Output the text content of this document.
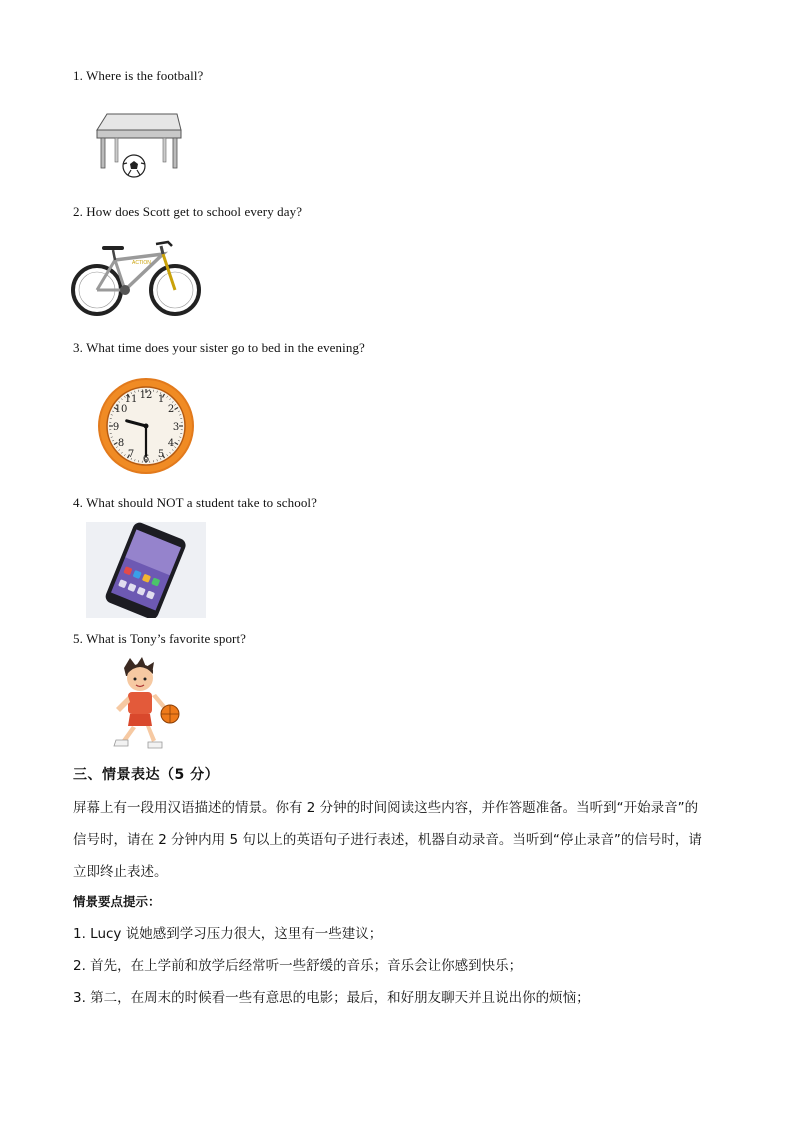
1. Where is the football?
2. How does Scott get to school every day?
ACTION
3. What time does your sister go to bed in the evening?
12 1
2
3
4
5
6
7
8
9
10
11
4. What should NOT a student take to school?
5. What is Tony’s favorite sport?
三、情景表达（5 分）
屏幕上有一段用汉语描述的情景。你有 2 分钟的时间阅读这些内容，并作答题准备。当听到“开始录音”的
信号时，请在 2 分钟内用 5 句以上的英语句子进行表述，机器自动录音。当听到“停止录音”的信号时，请
立即终止表述。
情景要点提示：
1. Lucy 说她感到学习压力很大，这里有一些建议；
2. 首先，在上学前和放学后经常听一些舒缓的音乐；音乐会让你感到快乐；
3. 第二，在周末的时候看一些有意思的电影；最后，和好朋友聊天并且说出你的烦恼；
